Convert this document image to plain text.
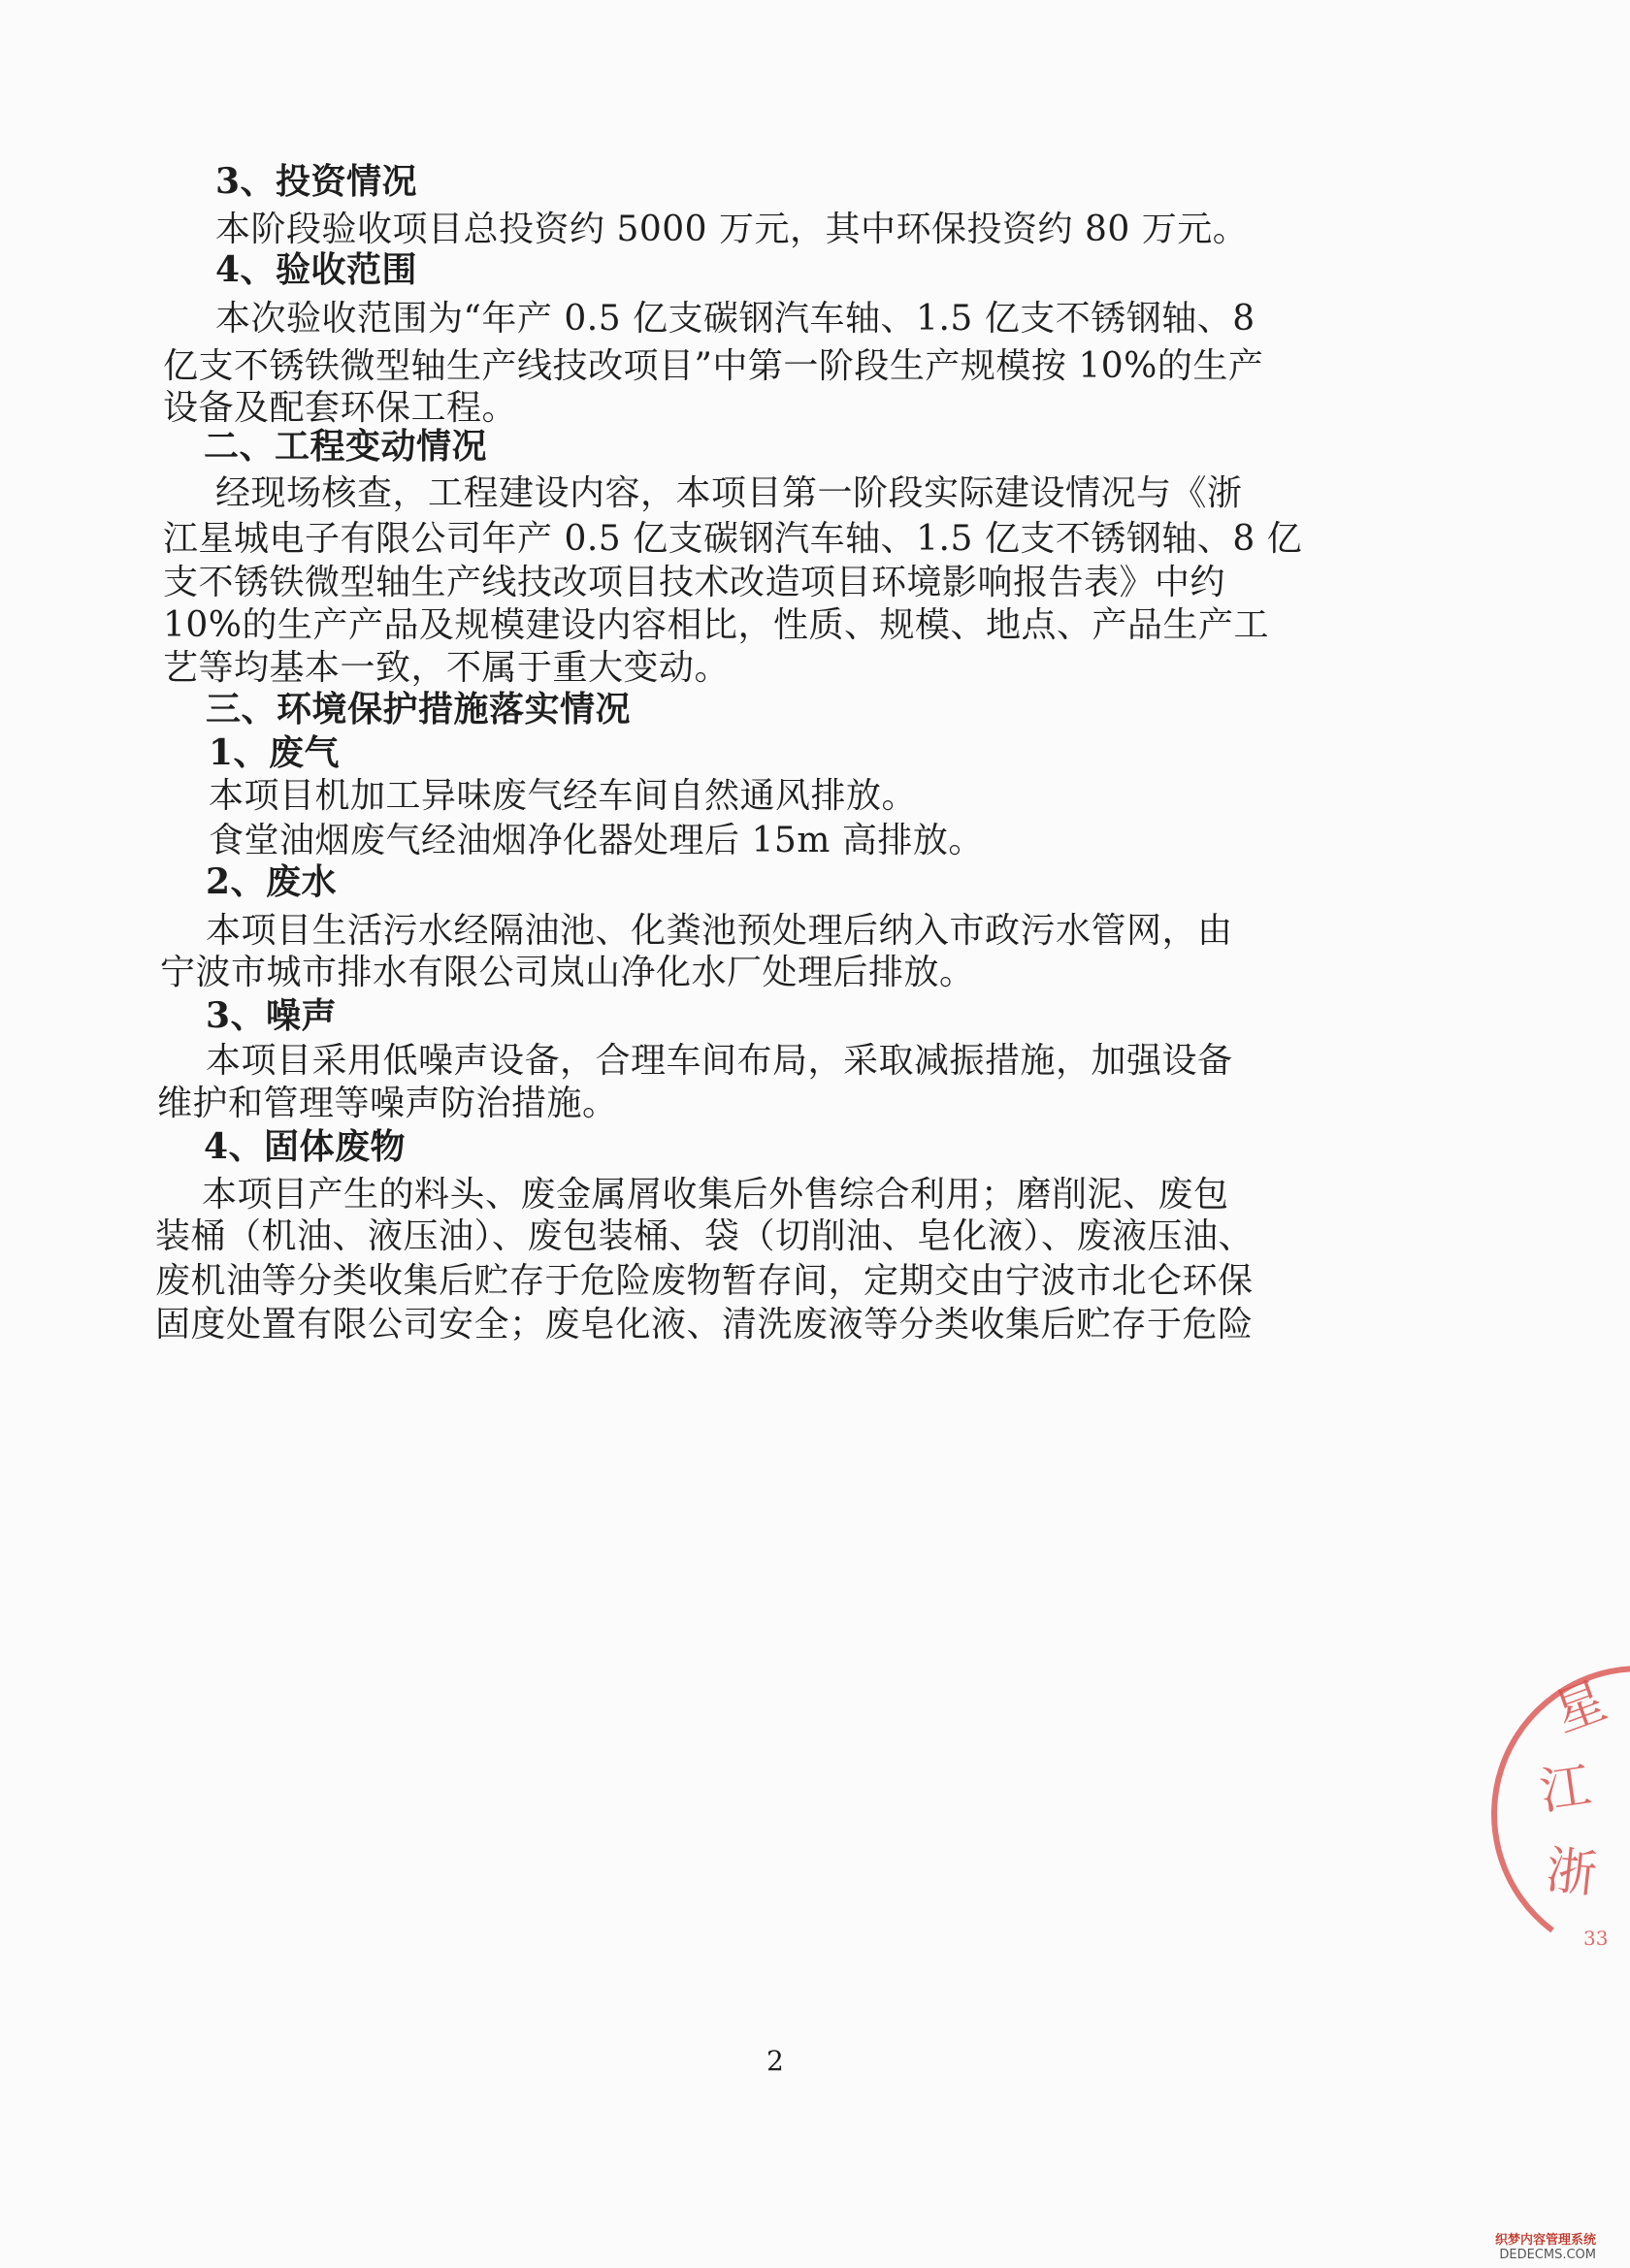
3、投资情况

本阶段验收项目总投资约 5000 万元，其中环保投资约 80 万元。

4、验收范围

本次验收范围为“年产 0.5 亿支碳钢汽车轴、1.5 亿支不锈钢轴、8

亿支不锈铁微型轴生产线技改项目”中第一阶段生产规模按 10%的生产

设备及配套环保工程。

二、工程变动情况

经现场核查，工程建设内容，本项目第一阶段实际建设情况与《浙

江星城电子有限公司年产 0.5 亿支碳钢汽车轴、1.5 亿支不锈钢轴、8 亿

支不锈铁微型轴生产线技改项目技术改造项目环境影响报告表》中约

10%的生产产品及规模建设内容相比，性质、规模、地点、产品生产工

艺等均基本一致，不属于重大变动。

三、环境保护措施落实情况

1、废气

本项目机加工异味废气经车间自然通风排放。

食堂油烟废气经油烟净化器处理后 15m 高排放。

2、废水

本项目生活污水经隔油池、化粪池预处理后纳入市政污水管网，由

宁波市城市排水有限公司岚山净化水厂处理后排放。

3、噪声

本项目采用低噪声设备，合理车间布局，采取减振措施，加强设备

维护和管理等噪声防治措施。

4、固体废物

本项目产生的料头、废金属屑收集后外售综合利用；磨削泥、废包

装桶（机油、液压油）、废包装桶、袋（切削油、皂化液）、废液压油、

废机油等分类收集后贮存于危险废物暂存间，定期交由宁波市北仑环保

固度处置有限公司安全；废皂化液、清洗废液等分类收集后贮存于危险

2
星
江
浙
33
织梦内容管理系统
DEDECMS.COM
